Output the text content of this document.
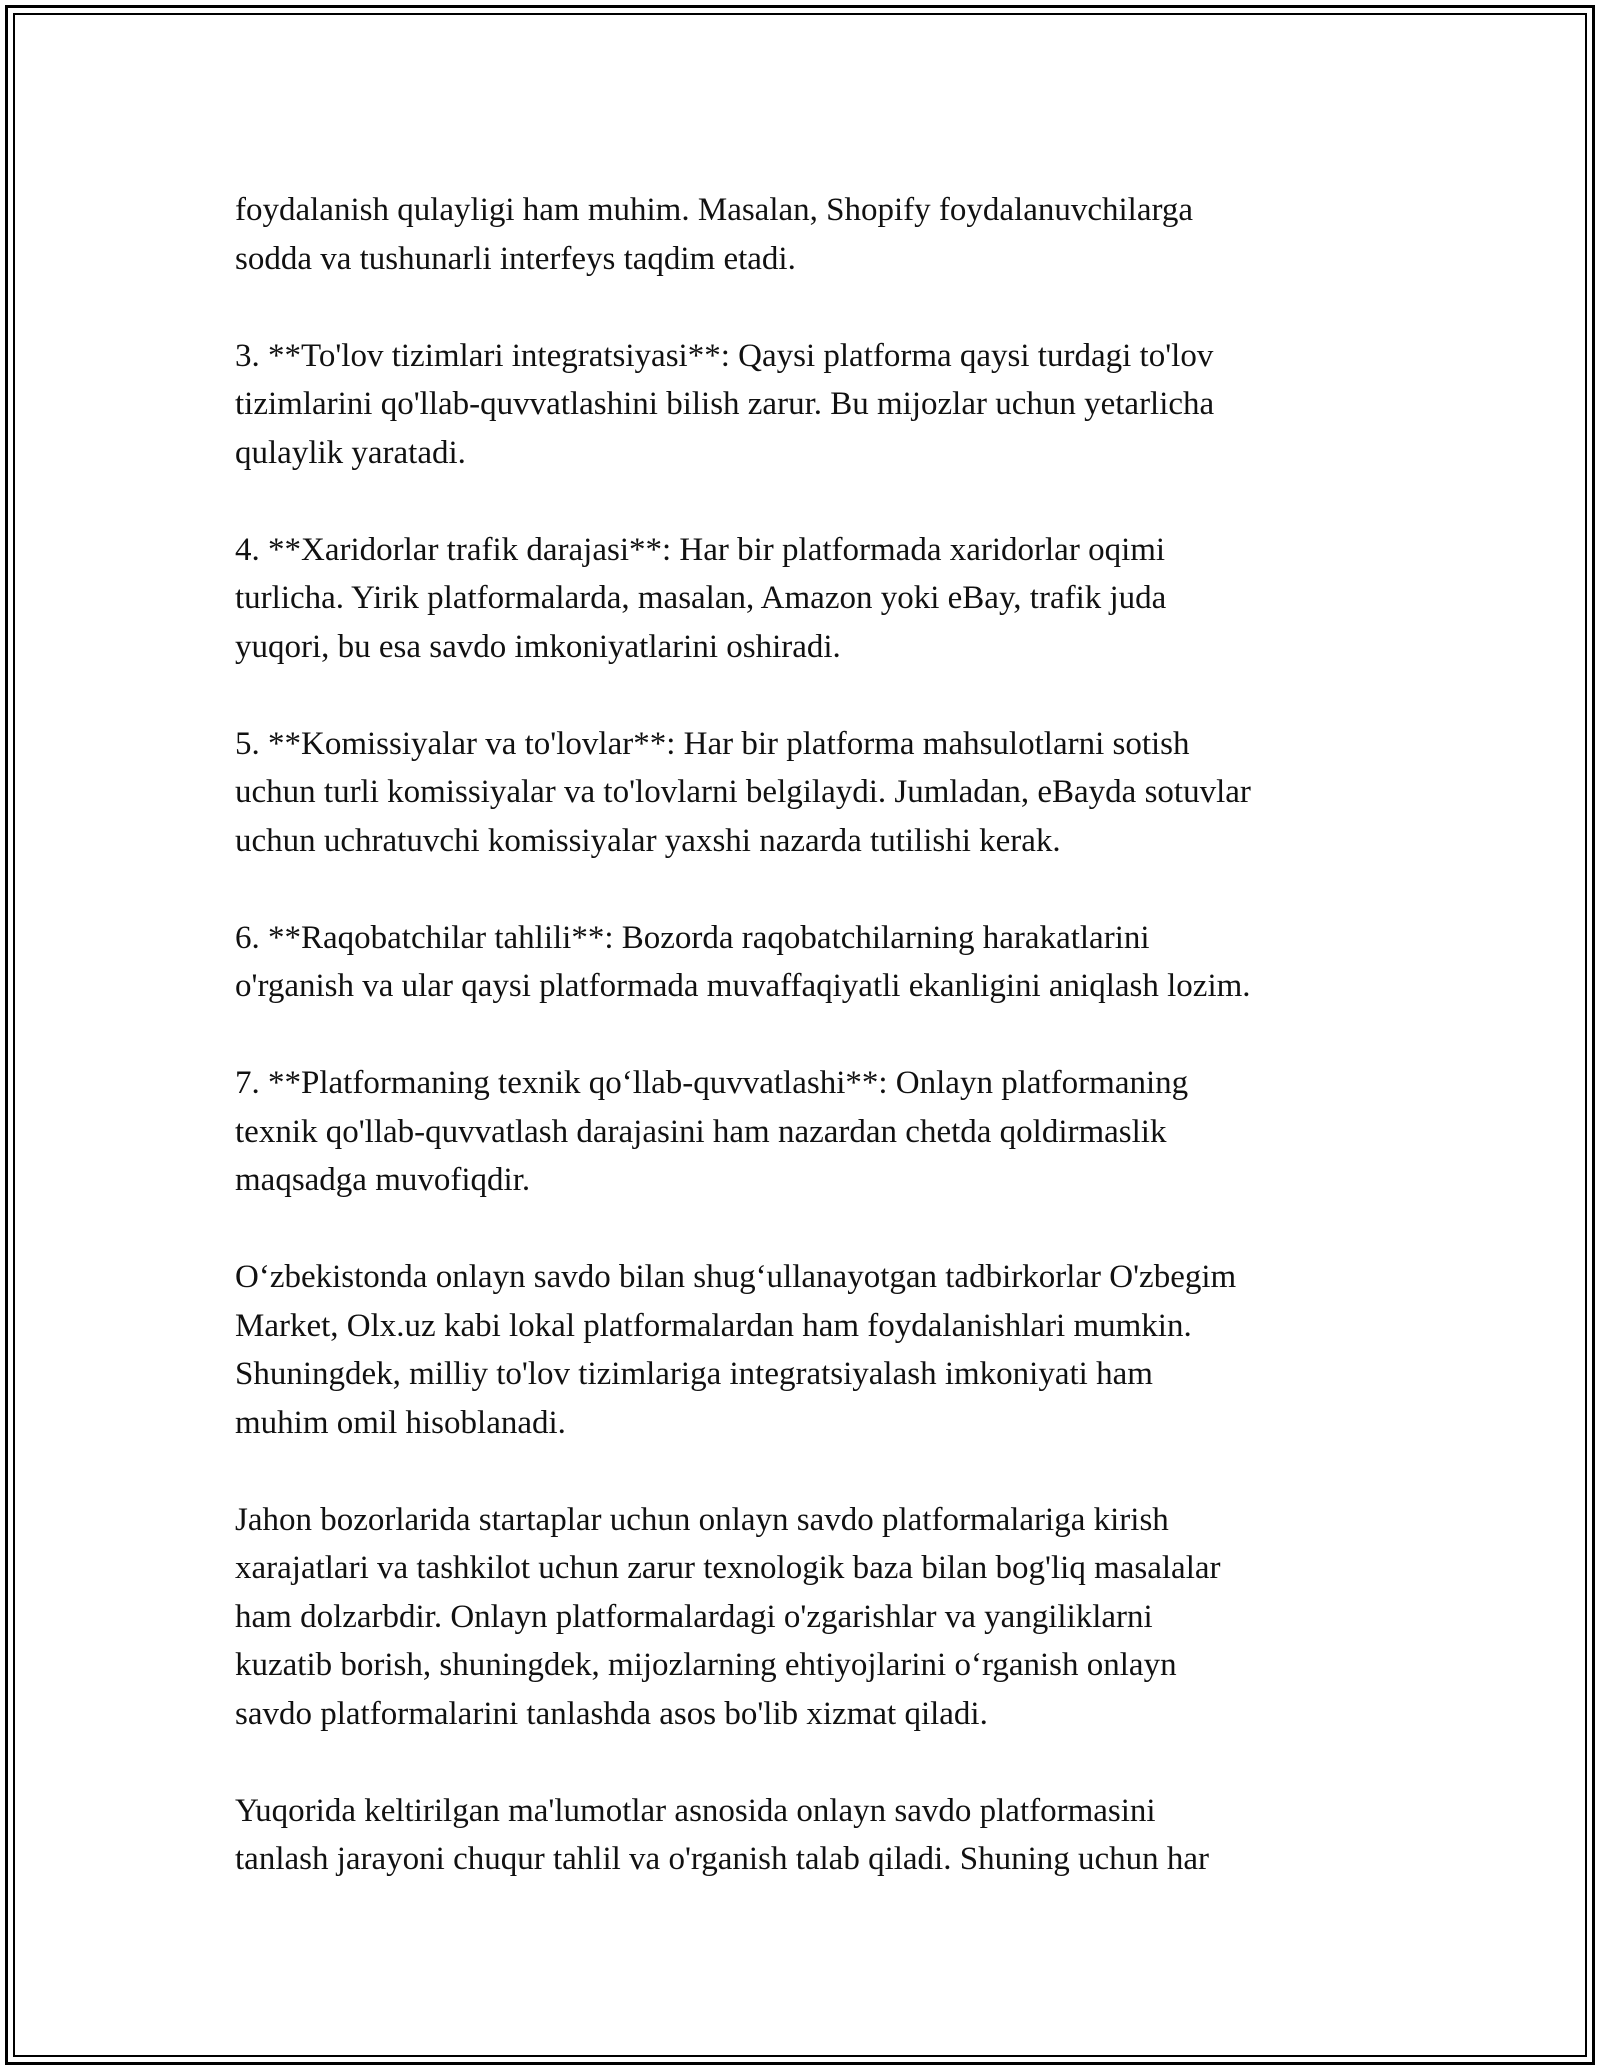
foydalanish qulayligi ham muhim. Masalan, Shopify foydalanuvchilarga
sodda va tushunarli interfeys taqdim etadi.

3. **To'lov tizimlari integratsiyasi**: Qaysi platforma qaysi turdagi to'lov
tizimlarini qo'llab-quvvatlashini bilish zarur. Bu mijozlar uchun yetarlicha
qulaylik yaratadi.

4. **Xaridorlar trafik darajasi**: Har bir platformada xaridorlar oqimi
turlicha. Yirik platformalarda, masalan, Amazon yoki eBay, trafik juda
yuqori, bu esa savdo imkoniyatlarini oshiradi.

5. **Komissiyalar va to'lovlar**: Har bir platforma mahsulotlarni sotish
uchun turli komissiyalar va to'lovlarni belgilaydi. Jumladan, eBayda sotuvlar
uchun uchratuvchi komissiyalar yaxshi nazarda tutilishi kerak.

6. **Raqobatchilar tahlili**: Bozorda raqobatchilarning harakatlarini
o'rganish va ular qaysi platformada muvaffaqiyatli ekanligini aniqlash lozim.

7. **Platformaning texnik qo‘llab-quvvatlashi**: Onlayn platformaning
texnik qo'llab-quvvatlash darajasini ham nazardan chetda qoldirmaslik
maqsadga muvofiqdir.

O‘zbekistonda onlayn savdo bilan shug‘ullanayotgan tadbirkorlar O'zbegim
Market, Olx.uz kabi lokal platformalardan ham foydalanishlari mumkin.
Shuningdek, milliy to'lov tizimlariga integratsiyalash imkoniyati ham
muhim omil hisoblanadi.

Jahon bozorlarida startaplar uchun onlayn savdo platformalariga kirish
xarajatlari va tashkilot uchun zarur texnologik baza bilan bog'liq masalalar
ham dolzarbdir. Onlayn platformalardagi o'zgarishlar va yangiliklarni
kuzatib borish, shuningdek, mijozlarning ehtiyojlarini o‘rganish onlayn
savdo platformalarini tanlashda asos bo'lib xizmat qiladi.

Yuqorida keltirilgan ma'lumotlar asnosida onlayn savdo platformasini
tanlash jarayoni chuqur tahlil va o'rganish talab qiladi. Shuning uchun har
